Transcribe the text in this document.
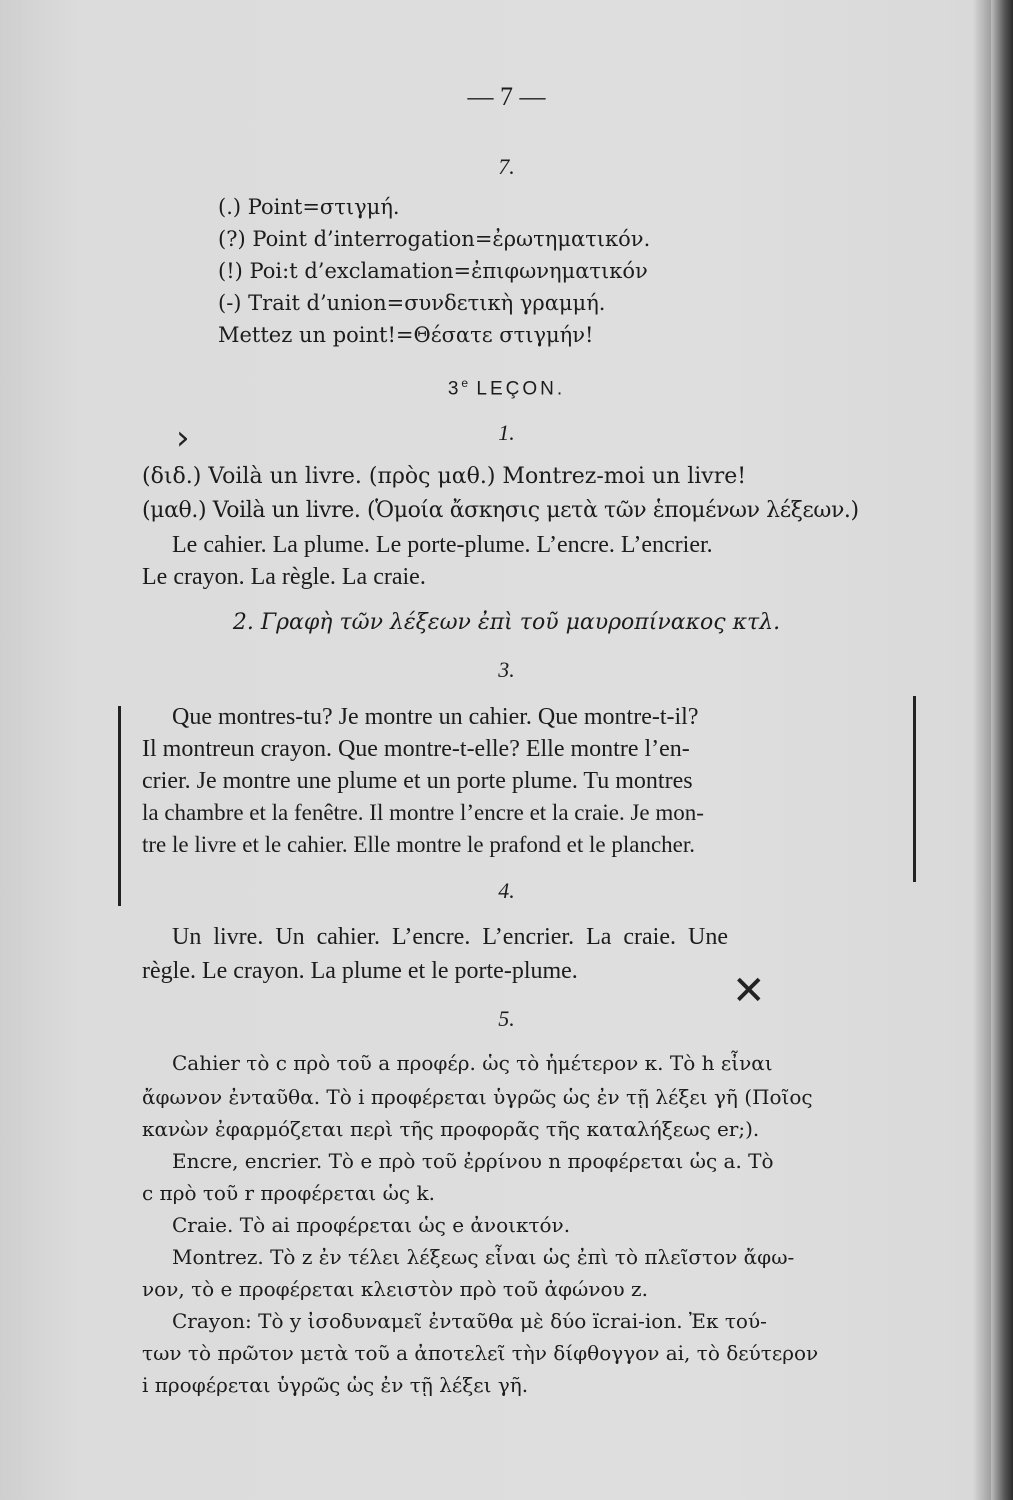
— 7 —
7.
(.) Point=στιγμή.
(?) Point d’interrogation=ἐρωτηματικόν.
(!) Poi:t d’exclamation=ἐπιφωνηματικόν
(-) Trait d’union=συνδετικὴ γραμμή.
Mettez un point!=Θέσατε στιγμήν!
3e LEÇON.
›	1.
(διδ.) Voilà un livre. (πρὸς μαθ.) Montrez-moi un livre!
(μαθ.) Voilà un livre. (Ὁμοία ἄσκησις μετὰ τῶν ἑπομένων λέξεων.)
Le cahier. La plume. Le porte-plume. L’encre. L’encrier.
Le crayon. La règle. La craie.
2. Γραφὴ τῶν λέξεων ἐπὶ τοῦ μαυροπίνακος κτλ.
3.
Que montres-tu? Je montre un cahier. Que montre-t-il?
Il montreun crayon. Que montre-t-elle? Elle montre l’en-
crier. Je montre une plume et un porte plume. Tu montres
la chambre et la fenêtre. Il montre l’encre et la craie. Je mon-
tre le livre et le cahier. Elle montre le prafond et le plancher.
4.
Un livre. Un cahier. L’encre. L’encrier. La craie. Une
règle. Le crayon. La plume et le porte-plume.	✕
5.
Cahier τὸ c πρὸ τοῦ a προφέρ. ὡς τὸ ἡμέτερον κ. Τὸ h εἶναι
ἄφωνον ἐνταῦθα. Τὸ i προφέρεται ὑγρῶς ὡς ἐν τῇ λέξει γῆ (Ποῖος
κανὼν ἐφαρμόζεται περὶ τῆς προφορᾶς τῆς καταλήξεως er;).
Encre, encrier. Τὸ e πρὸ τοῦ ἐρρίνου n προφέρεται ὡς a. Τὸ
c πρὸ τοῦ r προφέρεται ὡς k.
Craie. Τὸ ai προφέρεται ὡς e ἀνοικτόν.
Montrez. Τὸ z ἐν τέλει λέξεως εἶναι ὡς ἐπὶ τὸ πλεῖστον ἄφω-
νον, τὸ e προφέρεται κλειστὸν πρὸ τοῦ ἀφώνου z.
Crayon: Τὸ y ἰσοδυναμεῖ ἐνταῦθα μὲ δύο ïcrai-ion. Ἐκ τού-
των τὸ πρῶτον μετὰ τοῦ a ἀποτελεῖ τὴν δίφθογγον ai, τὸ δεύτερον
i προφέρεται ὑγρῶς ὡς ἐν τῇ λέξει γῆ.
